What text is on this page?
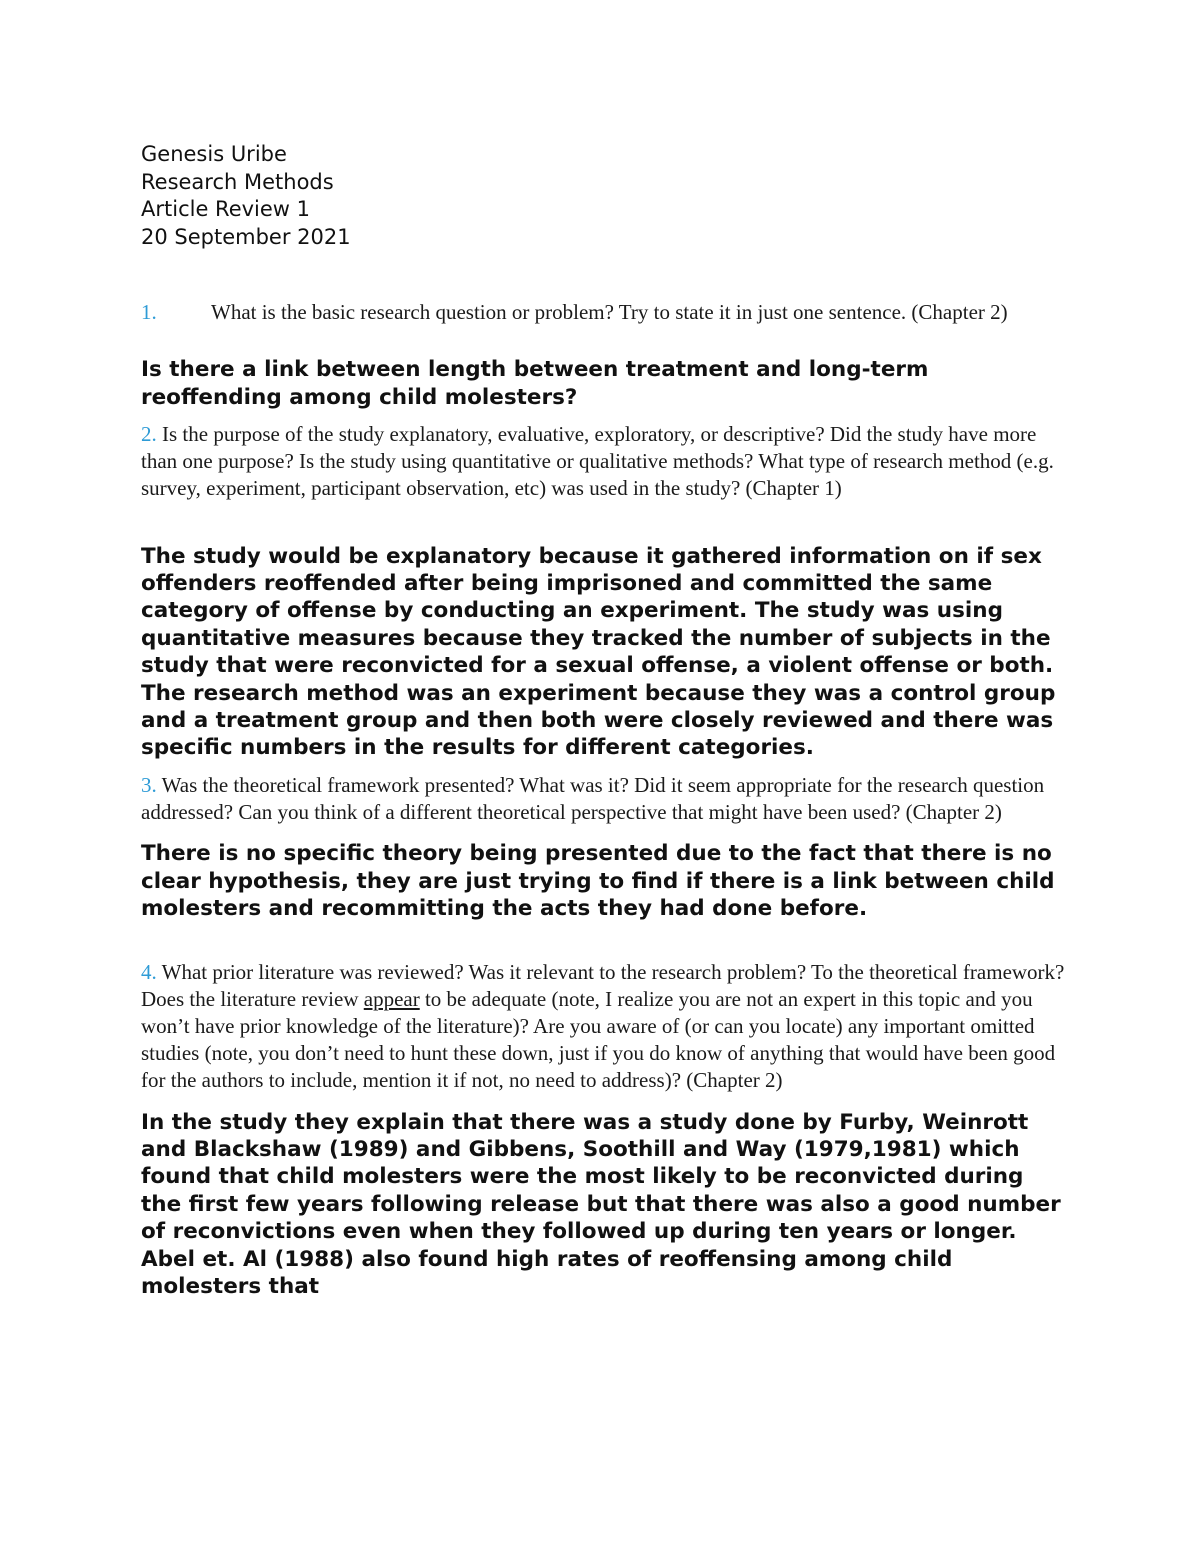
Genesis Uribe
Research Methods
Article Review 1
20 September 2021

1.	What is the basic research question or problem? Try to state it in just one sentence. (Chapter 2)

Is there a link between length between treatment and long-term reoffending among child molesters?

2. Is the purpose of the study explanatory, evaluative, exploratory, or descriptive? Did the study have more than one purpose? Is the study using quantitative or qualitative methods? What type of research method (e.g. survey, experiment, participant observation, etc) was used in the study? (Chapter 1)

The study would be explanatory because it gathered information on if sex offenders reoffended after being imprisoned and committed the same category of offense by conducting an experiment. The study was using quantitative measures because they tracked the number of subjects in the study that were reconvicted for a sexual offense, a violent offense or both. The research method was an experiment because they was a control group and a treatment group and then both were closely reviewed and there was specific numbers in the results for different categories.

3. Was the theoretical framework presented? What was it? Did it seem appropriate for the research question addressed? Can you think of a different theoretical perspective that might have been used? (Chapter 2)

There is no specific theory being presented due to the fact that there is no clear hypothesis, they are just trying to find if there is a link between child molesters and recommitting the acts they had done before.

4. What prior literature was reviewed? Was it relevant to the research problem? To the theoretical framework? Does the literature review appear to be adequate (note, I realize you are not an expert in this topic and you won’t have prior knowledge of the literature)? Are you aware of (or can you locate) any important omitted studies (note, you don’t need to hunt these down, just if you do know of anything that would have been good for the authors to include, mention it if not, no need to address)? (Chapter 2)

In the study they explain that there was a study done by Furby, Weinrott and Blackshaw (1989) and Gibbens, Soothill and Way (1979,1981) which found that child molesters were the most likely to be reconvicted during the first few years following release but that there was also a good number of reconvictions even when they followed up during ten years or longer. Abel et. Al (1988) also found high rates of reoffensing among child molesters that
